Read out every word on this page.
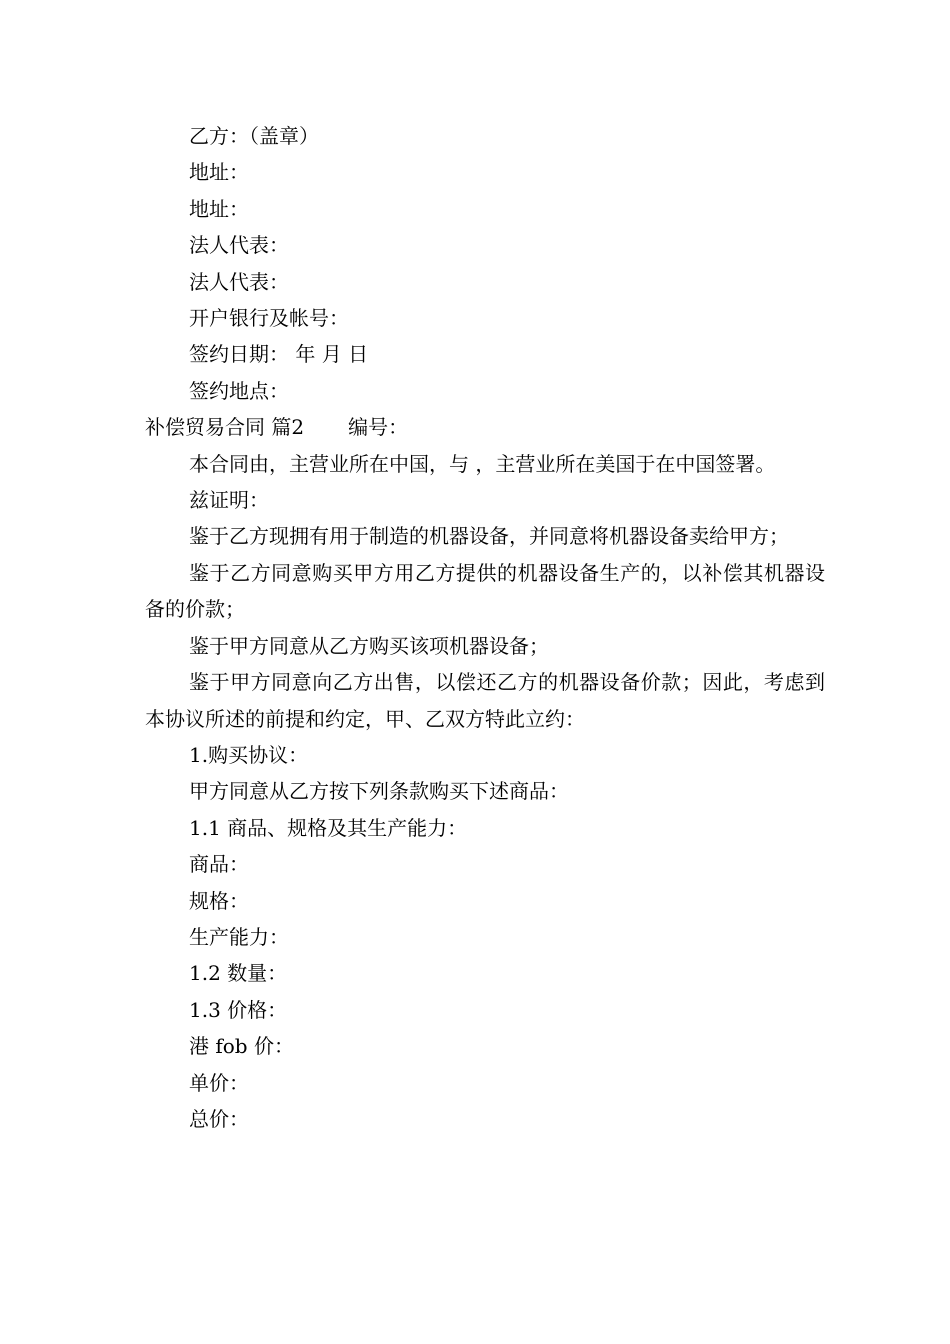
乙方：（盖章）

地址：

地址：

法人代表：

法人代表：

开户银行及帐号：

签约日期： 年 月 日

签约地点：

补偿贸易合同 篇2 编号：

本合同由，主营业所在中国，与 ，主营业所在美国于在中国签署。

兹证明：

鉴于乙方现拥有用于制造的机器设备，并同意将机器设备卖给甲方；

鉴于乙方同意购买甲方用乙方提供的机器设备生产的，以补偿其机器设备的价款；

鉴于甲方同意从乙方购买该项机器设备；

鉴于甲方同意向乙方出售，以偿还乙方的机器设备价款；因此，考虑到本协议所述的前提和约定，甲、乙双方特此立约：

1.购买协议：

甲方同意从乙方按下列条款购买下述商品：

1.1 商品、规格及其生产能力：

商品：

规格：

生产能力：

1.2 数量：

1.3 价格：

港 fob 价：

单价：

总价：
